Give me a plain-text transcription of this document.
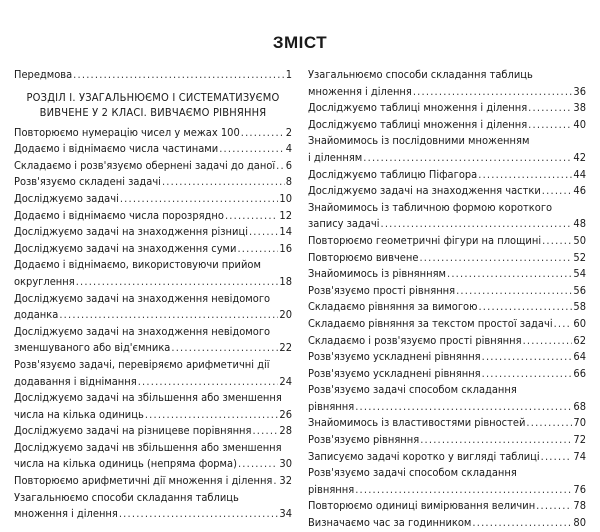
ЗМІСТ
Передмова .....	1
РОЗДІЛ І. УЗАГАЛЬНЮЄМО І СИСТЕМАТИЗУЄМО
ВИВЧЕНЕ У 2 КЛАСІ. ВИВЧАЄМО РІВНЯННЯ
Повторюємо нумерацію чисел у межах 100 .....	2
Додаємо і віднімаємо числа частинами .....	4
Складаємо і розв'язуємо обернені задачі до даної ..... 6
Розв'язуємо складені задачі .....	8
Досліджуємо задачі .....	10
Додаємо і віднімаємо числа порозрядно .....	12
Досліджуємо задачі на знаходження різниці .....	14
Досліджуємо задачі на знаходження суми .....	16
Додаємо і віднімаємо, використовуючи прийом
округлення .....	18
Досліджуємо задачі на знаходження невідомого
доданка .....	20
Досліджуємо задачі на знаходження невідомого
зменшуваного або від'ємника .....	22
Розв'язуємо задачі, перевіряємо арифметичні дії
додавання і віднімання .....	24
Досліджуємо задачі на збільшення або зменшення
числа на кілька одиниць .....	26
Досліджуємо задачі на різницеве порівняння .....	28
Досліджуємо задачі нв збільшення або зменшення
числа на кілька одиниць (непряма форма) .....	30
Повторюємо арифметичні дії множення і ділення ..... 32
Узагальнюємо способи складання таблиць
множення і ділення .....	34
Узагальнюємо способи складання таблиць
множення і ділення .....	36
Досліджуємо таблиці множення і ділення .....	38
Досліджуємо таблиці множення і ділення .....	40
Знайомимось із послідовними множенням
і діленням .....	42
Досліджуємо таблицю Піфагора .....	44
Досліджуємо задачі на знаходження частки .....	46
Знайомимось із табличною формою короткого
запису задачі .....	48
Повторюємо геометричні фігури на площині .....	50
Повторюємо вивчене .....	52
Знайомимось із рівнянням .....	54
Розв'язуємо прості рівняння .....	56
Складаємо рівняння за вимогою .....	58
Складаємо рівняння за текстом простої задачі ..... 60
Складаємо і розв'язуємо прості рівняння .....	62
Розв'язуємо ускладнені рівняння .....	64
Розв'язуємо ускладнені рівняння .....	66
Розв'язуємо задачі способом складання
рівняння .....	68
Знайомимось із властивостями рівностей .....	70
Розв'язуємо рівняння .....	72
Записуємо задачі коротко у вигляді таблиці .....	74
Розв'язуємо задачі способом складання
рівняння .....	76
Повторюємо одиниці вимірювання величин .....	78
Визначаємо час за годинником .....	80
